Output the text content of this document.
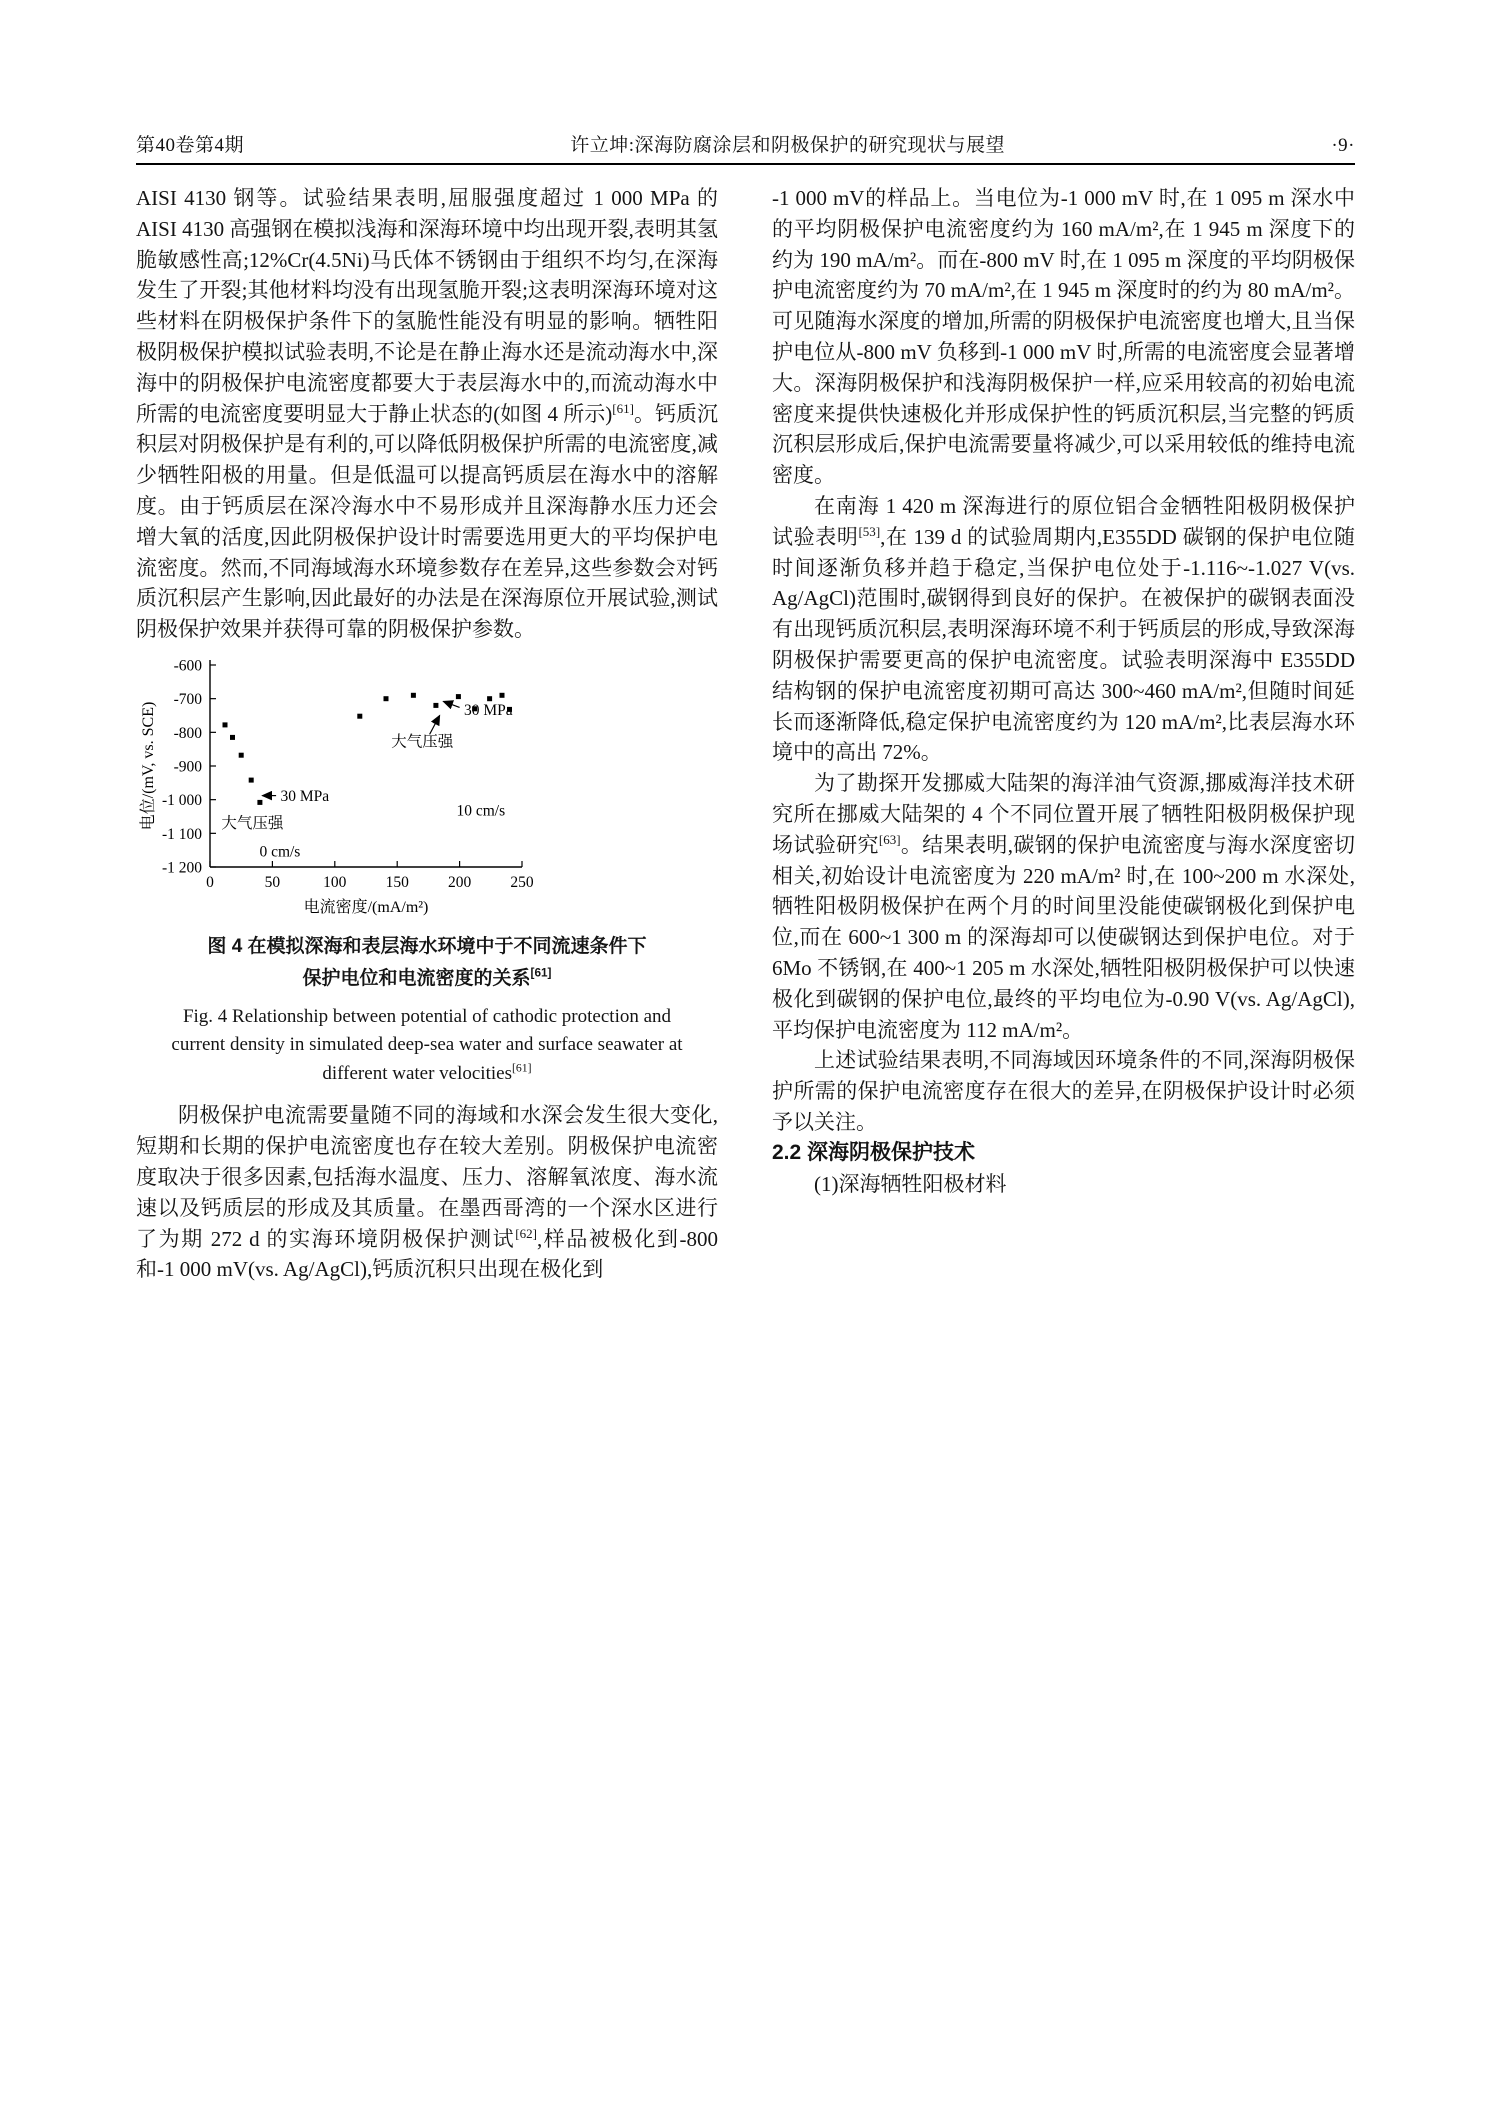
第40卷第4期	许立坤:深海防腐涂层和阴极保护的研究现状与展望	·9·

AISI 4130 钢等。试验结果表明,屈服强度超过 1 000 MPa 的 AISI 4130 高强钢在模拟浅海和深海环境中均出现开裂,表明其氢脆敏感性高;12%Cr(4.5Ni)马氏体不锈钢由于组织不均匀,在深海发生了开裂;其他材料均没有出现氢脆开裂;这表明深海环境对这些材料在阴极保护条件下的氢脆性能没有明显的影响。牺牲阳极阴极保护模拟试验表明,不论是在静止海水还是流动海水中,深海中的阴极保护电流密度都要大于表层海水中的,而流动海水中所需的电流密度要明显大于静止状态的(如图 4 所示)[61]。钙质沉积层对阴极保护是有利的,可以降低阴极保护所需的电流密度,减少牺牲阳极的用量。但是低温可以提高钙质层在海水中的溶解度。由于钙质层在深冷海水中不易形成并且深海静水压力还会增大氧的活度,因此阴极保护设计时需要选用更大的平均保护电流密度。然而,不同海域海水环境参数存在差异,这些参数会对钙质沉积层产生影响,因此最好的办法是在深海原位开展试验,测试阴极保护效果并获得可靠的阴极保护参数。

-600
-700
-800
-900
-1 000
-1 100
-1 200
0	50	100	150	200	250
电流密度/(mA/m²)
电位/(mV, vs. SCE)	30 MPa
大气压强
0 cm/s
30 MPa
大气压强
10 cm/s
图 4 在模拟深海和表层海水环境中于不同流速条件下
保护电位和电流密度的关系[61]
Fig. 4 Relationship between potential of cathodic protection and current density in simulated deep-sea water and surface seawater at different water velocities[61]

阴极保护电流需要量随不同的海域和水深会发生很大变化,短期和长期的保护电流密度也存在较大差别。阴极保护电流密度取决于很多因素,包括海水温度、压力、溶解氧浓度、海水流速以及钙质层的形成及其质量。在墨西哥湾的一个深水区进行了为期 272 d 的实海环境阴极保护测试[62],样品被极化到-800 和-1 000 mV(vs. Ag/AgCl),钙质沉积只出现在极化到

-1 000 mV的样品上。当电位为-1 000 mV 时,在 1 095 m 深水中的平均阴极保护电流密度约为 160 mA/m²,在 1 945 m 深度下的约为 190 mA/m²。而在-800 mV 时,在 1 095 m 深度的平均阴极保护电流密度约为 70 mA/m²,在 1 945 m 深度时的约为 80 mA/m²。可见随海水深度的增加,所需的阴极保护电流密度也增大,且当保护电位从-800 mV 负移到-1 000 mV 时,所需的电流密度会显著增大。深海阴极保护和浅海阴极保护一样,应采用较高的初始电流密度来提供快速极化并形成保护性的钙质沉积层,当完整的钙质沉积层形成后,保护电流需要量将减少,可以采用较低的维持电流密度。

在南海 1 420 m 深海进行的原位铝合金牺牲阳极阴极保护试验表明[53],在 139 d 的试验周期内,E355DD 碳钢的保护电位随时间逐渐负移并趋于稳定,当保护电位处于-1.116~-1.027 V(vs. Ag/AgCl)范围时,碳钢得到良好的保护。在被保护的碳钢表面没有出现钙质沉积层,表明深海环境不利于钙质层的形成,导致深海阴极保护需要更高的保护电流密度。试验表明深海中 E355DD 结构钢的保护电流密度初期可高达 300~460 mA/m²,但随时间延长而逐渐降低,稳定保护电流密度约为 120 mA/m²,比表层海水环境中的高出 72%。

为了勘探开发挪威大陆架的海洋油气资源,挪威海洋技术研究所在挪威大陆架的 4 个不同位置开展了牺牲阳极阴极保护现场试验研究[63]。结果表明,碳钢的保护电流密度与海水深度密切相关,初始设计电流密度为 220 mA/m² 时,在 100~200 m 水深处,牺牲阳极阴极保护在两个月的时间里没能使碳钢极化到保护电位,而在 600~1 300 m 的深海却可以使碳钢达到保护电位。对于 6Mo 不锈钢,在 400~1 205 m 水深处,牺牲阳极阴极保护可以快速极化到碳钢的保护电位,最终的平均电位为-0.90 V(vs. Ag/AgCl),平均保护电流密度为 112 mA/m²。

上述试验结果表明,不同海域因环境条件的不同,深海阴极保护所需的保护电流密度存在很大的差异,在阴极保护设计时必须予以关注。

2.2 深海阴极保护技术

(1)深海牺牲阳极材料
